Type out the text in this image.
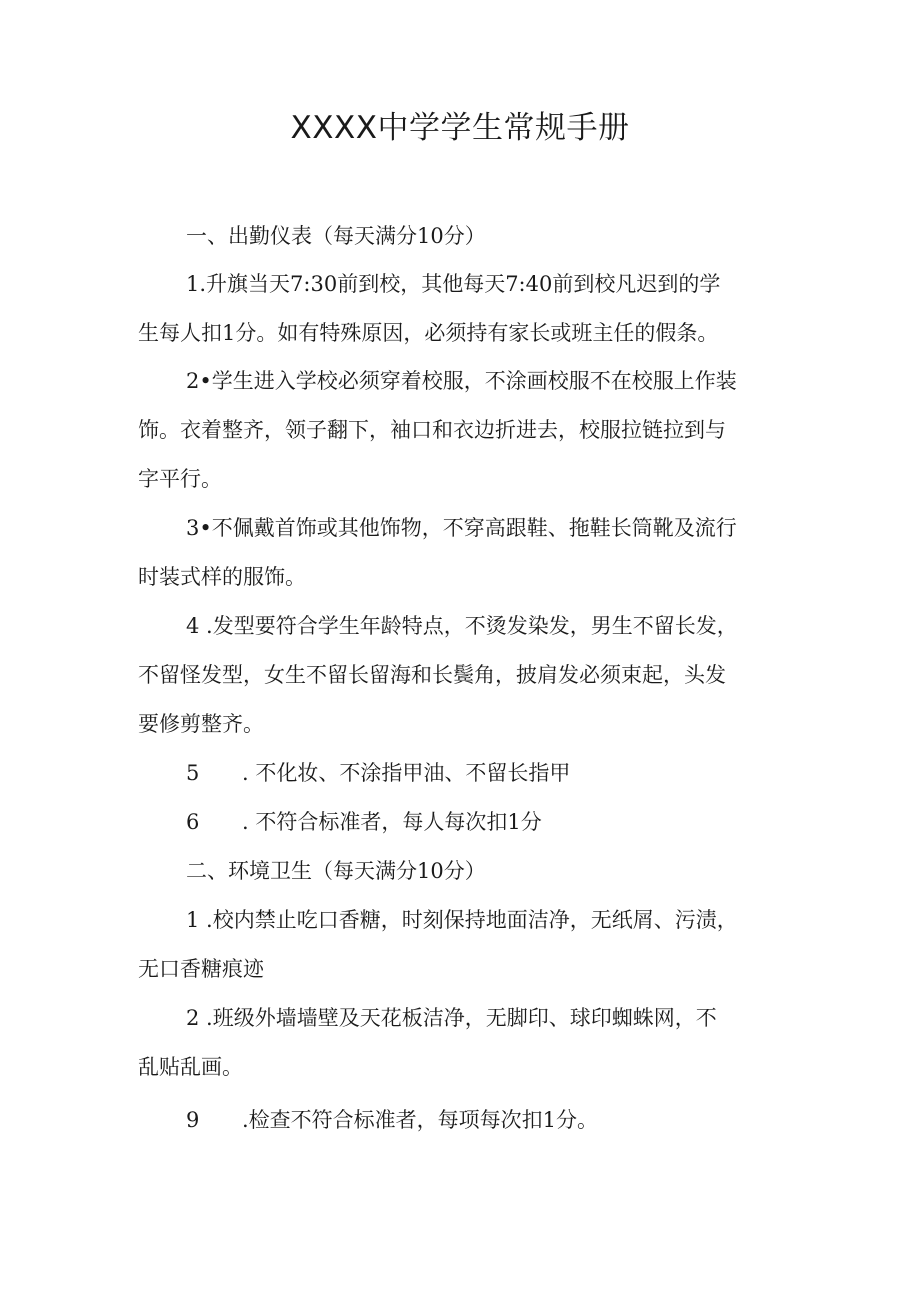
XXXX中学学生常规手册
一、出勤仪表（每天满分10分）
1.升旗当天7:30前到校，其他每天7:40前到校凡迟到的学
生每人扣1分。如有特殊原因，必须持有家长或班主任的假条。
2•学生进入学校必须穿着校服，不涂画校服不在校服上作装
饰。衣着整齐，领子翻下，袖口和衣边折进去，校服拉链拉到与
字平行。
3•不佩戴首饰或其他饰物，不穿高跟鞋、拖鞋长筒靴及流行
时装式样的服饰。
4 .发型要符合学生年龄特点，不烫发染发，男生不留长发，
不留怪发型，女生不留长留海和长鬓角，披肩发必须束起，头发
要修剪整齐。
5 . 不化妆、不涂指甲油、不留长指甲
6 . 不符合标准者，每人每次扣1分
二、环境卫生（每天满分10分）
1 .校内禁止吃口香糖，时刻保持地面洁净，无纸屑、污渍，
无口香糖痕迹
2 .班级外墙墙壁及天花板洁净，无脚印、球印蜘蛛网，不
乱贴乱画。
9 .检查不符合标准者，每项每次扣1分。
